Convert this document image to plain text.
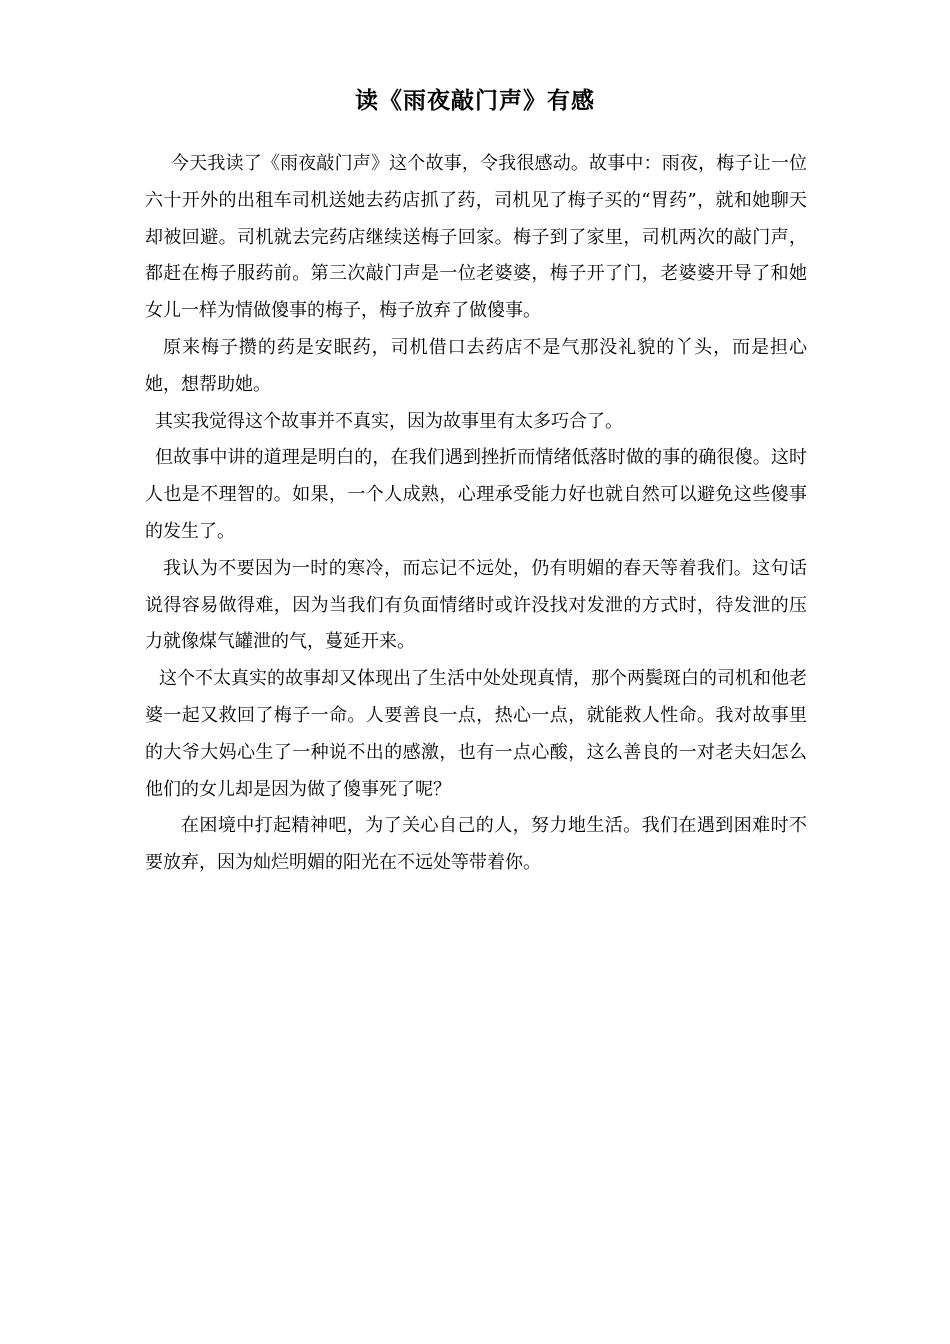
读《雨夜敲门声》有感

今天我读了《雨夜敲门声》这个故事，令我很感动。故事中：雨夜，梅子让一位六十开外的出租车司机送她去药店抓了药，司机见了梅子买的“胃药”，就和她聊天却被回避。司机就去完药店继续送梅子回家。梅子到了家里，司机两次的敲门声，都赶在梅子服药前。第三次敲门声是一位老婆婆，梅子开了门，老婆婆开导了和她女儿一样为情做傻事的梅子，梅子放弃了做傻事。

原来梅子攒的药是安眠药，司机借口去药店不是气那没礼貌的丫头，而是担心她，想帮助她。

其实我觉得这个故事并不真实，因为故事里有太多巧合了。

但故事中讲的道理是明白的，在我们遇到挫折而情绪低落时做的事的确很傻。这时人也是不理智的。如果，一个人成熟，心理承受能力好也就自然可以避免这些傻事的发生了。

我认为不要因为一时的寒冷，而忘记不远处，仍有明媚的春天等着我们。这句话说得容易做得难，因为当我们有负面情绪时或许没找对发泄的方式时，待发泄的压力就像煤气罐泄的气，蔓延开来。

这个不太真实的故事却又体现出了生活中处处现真情，那个两鬓斑白的司机和他老婆一起又救回了梅子一命。人要善良一点，热心一点，就能救人性命。我对故事里的大爷大妈心生了一种说不出的感激，也有一点心酸，这么善良的一对老夫妇怎么他们的女儿却是因为做了傻事死了呢？

在困境中打起精神吧，为了关心自己的人，努力地生活。我们在遇到困难时不要放弃，因为灿烂明媚的阳光在不远处等带着你。
